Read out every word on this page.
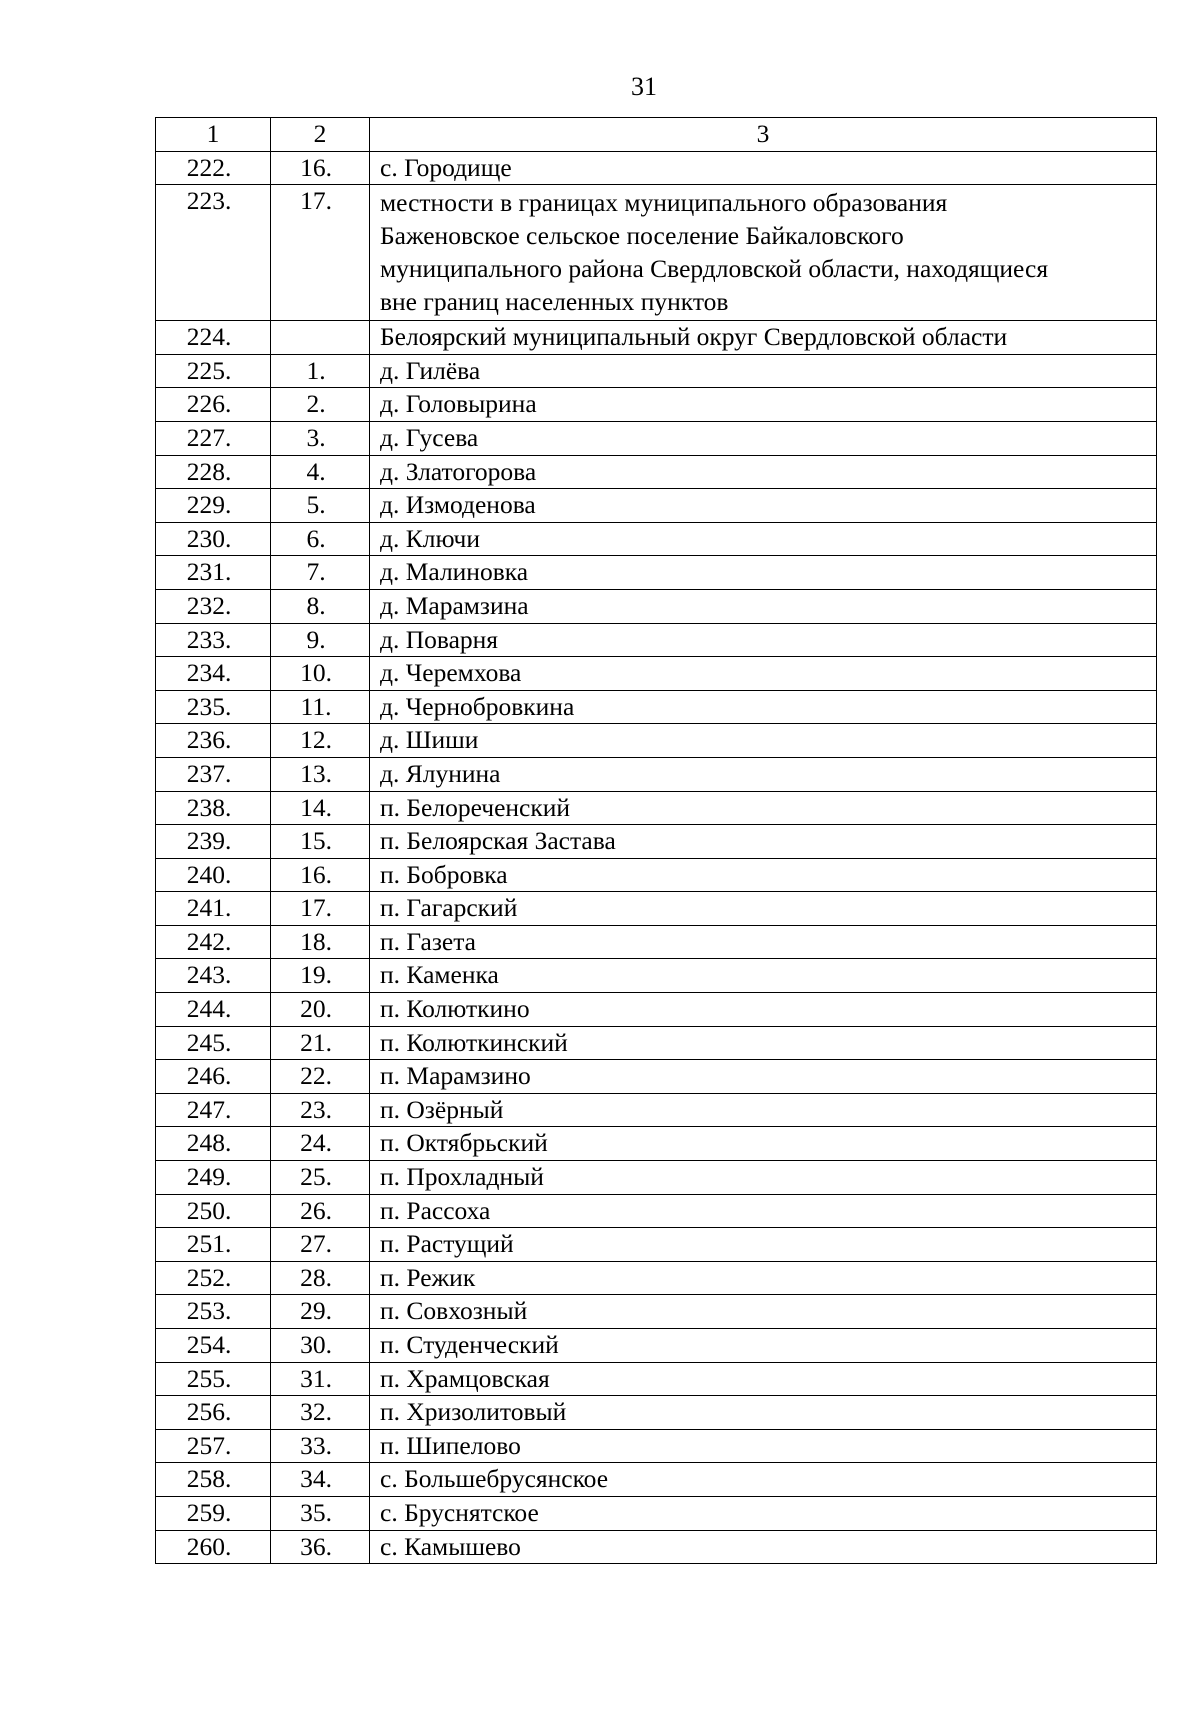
31
1	2	3
222.	16.	с. Городище
223.	17.	местности в границах муниципального образования
Баженовское сельское поселение Байкаловского
муниципального района Свердловской области, находящиеся
вне границ населенных пунктов

224.		Белоярский муниципальный округ Свердловской области
225.	1.	д. Гилёва
226.	2.	д. Головырина
227.	3.	д. Гусева
228.	4.	д. Златогорова
229.	5.	д. Измоденова
230.	6.	д. Ключи
231.	7.	д. Малиновка
232.	8.	д. Марамзина
233.	9.	д. Поварня
234.	10.	д. Черемхова
235.	11.	д. Чернобровкина
236.	12.	д. Шиши
237.	13.	д. Ялунина
238.	14.	п. Белореченский
239.	15.	п. Белоярская Застава
240.	16.	п. Бобровка
241.	17.	п. Гагарский
242.	18.	п. Газета
243.	19.	п. Каменка
244.	20.	п. Колюткино
245.	21.	п. Колюткинский
246.	22.	п. Марамзино
247.	23.	п. Озёрный
248.	24.	п. Октябрьский
249.	25.	п. Прохладный
250.	26.	п. Рассоха
251.	27.	п. Растущий
252.	28.	п. Режик
253.	29.	п. Совхозный
254.	30.	п. Студенческий
255.	31.	п. Храмцовская
256.	32.	п. Хризолитовый
257.	33.	п. Шипелово
258.	34.	с. Большебрусянское
259.	35.	с. Бруснятское
260.	36.	с. Камышево
